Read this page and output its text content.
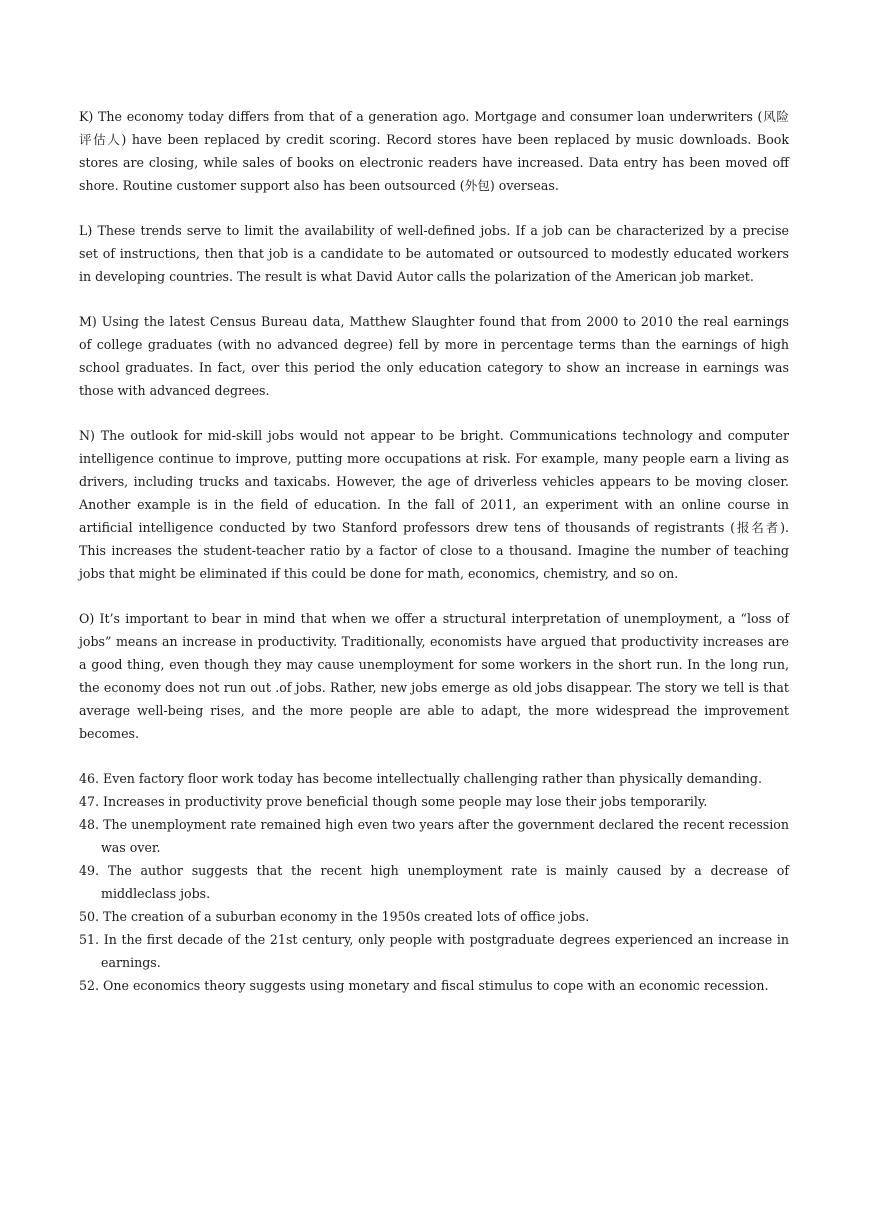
K) The economy today differs from that of a generation ago. Mortgage and consumer loan underwriters (风险评估人) have been replaced by credit scoring. Record stores have been replaced by music downloads. Book stores are closing, while sales of books on electronic readers have increased. Data entry has been moved off shore. Routine customer support also has been outsourced (外包) overseas.

L) These trends serve to limit the availability of well-defined jobs. If a job can be characterized by a precise set of instructions, then that job is a candidate to be automated or outsourced to modestly educated workers in developing countries. The result is what David Autor calls the polarization of the American job market.

M) Using the latest Census Bureau data, Matthew Slaughter found that from 2000 to 2010 the real earnings of college graduates (with no advanced degree) fell by more in percentage terms than the earnings of high school graduates. In fact, over this period the only education category to show an increase in earnings was those with advanced degrees.

N) The outlook for mid-skill jobs would not appear to be bright. Communications technology and computer intelligence continue to improve, putting more occupations at risk. For example, many people earn a living as drivers, including trucks and taxicabs. However, the age of driverless vehicles appears to be moving closer. Another example is in the field of education. In the fall of 2011, an experiment with an online course in artificial intelligence conducted by two Stanford professors drew tens of thousands of registrants (报名者). This increases the student-teacher ratio by a factor of close to a thousand. Imagine the number of teaching jobs that might be eliminated if this could be done for math, economics, chemistry, and so on.

O) It’s important to bear in mind that when we offer a structural interpretation of unemployment, a “loss of jobs” means an increase in productivity. Traditionally, economists have argued that productivity increases are a good thing, even though they may cause unemployment for some workers in the short run. In the long run, the economy does not run out .of jobs. Rather, new jobs emerge as old jobs disappear. The story we tell is that average well-being rises, and the more people are able to adapt, the more widespread the improvement becomes.

46. Even factory floor work today has become intellectually challenging rather than physically demanding.
47. Increases in productivity prove beneficial though some people may lose their jobs temporarily.
48. The unemployment rate remained high even two years after the government declared the recent recession was over.
49. The author suggests that the recent high unemployment rate is mainly caused by a decrease of middleclass jobs.
50. The creation of a suburban economy in the 1950s created lots of office jobs.
51. In the first decade of the 21st century, only people with postgraduate degrees experienced an increase in earnings.
52. One economics theory suggests using monetary and fiscal stimulus to cope with an economic recession.
